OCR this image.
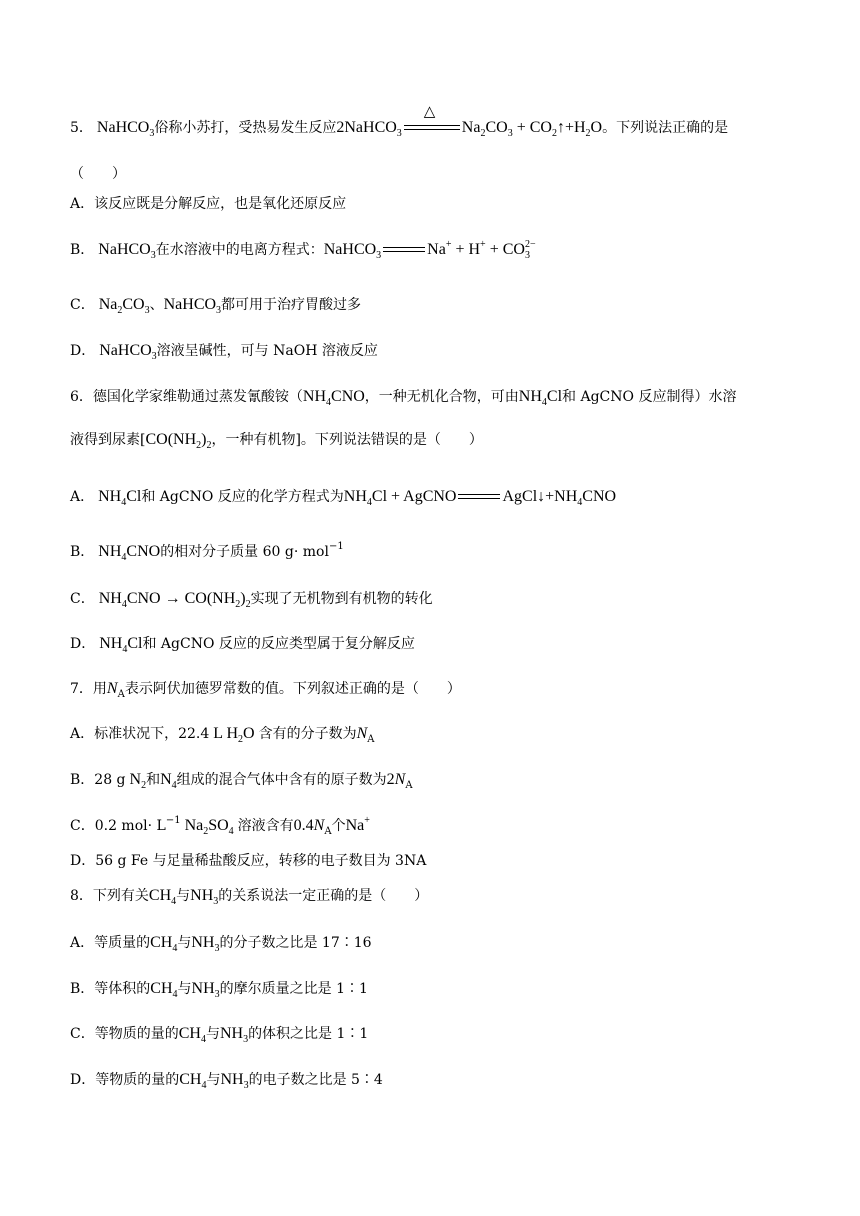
5． NaHCO$_3$俗称小苏打，受热易发生反应2NaHCO$_3$
△
$Na_2CO_3$ + $CO_2↑+H_2O$。下列说法正确的是
（　　）
A．该反应既是分解反应，也是氧化还原反应
B． NaHCO$_3$在水溶液中的电离方程式：NaHCO$_3$	$Na^+ + H^+ + CO_3^{2-}$
C． $Na_2CO_3$、NaHCO$_3$都可用于治疗胃酸过多
D． NaHCO$_3$溶液呈碱性，可与 NaOH 溶液反应
6．德国化学家维勒通过蒸发氰酸铵（$NH_4CNO$，一种无机化合物，可由$NH_4Cl$和 AgCNO 反应制得）水溶
液得到尿素[$CO(NH_2)_2$，一种有机物]。下列说法错误的是（　　）
A． $NH_4Cl$和 AgCNO 反应的化学方程式为$NH_4Cl$ + AgCNO	$AgCl↓+NH_4CNO$
B． $NH_4CNO$的相对分子质量 60 g· mol$^{-1}$
C． $NH_4CNO \to CO(NH_2)_2$实现了无机物到有机物的转化
D． $NH_4Cl$和 AgCNO 反应的反应类型属于复分解反应
7．用$N_A$表示阿伏加德罗常数的值。下列叙述正确的是（　　）
A．标准状况下，22.4 L $H_2O$ 含有的分子数为$N_A$
B．28 g $N_2$和$N_4$组成的混合气体中含有的原子数为$2N_A$
C．0.2 $mol\cdot L^{-1}$ $Na_2SO_4$ 溶液含有$0.4N_A$个Na+
D．56 g Fe 与足量稀盐酸反应，转移的电子数目为 3NA
8．下列有关$CH_4$与$NH_3$的关系说法一定正确的是（　　）
A．等质量的$CH_4$与$NH_3$的分子数之比是 17∶16
B．等体积的$CH_4$与$NH_3$的摩尔质量之比是 1∶1
C．等物质的量的$CH_4$与$NH_3$的体积之比是 1∶1
D．等物质的量的$CH_4$与$NH_3$的电子数之比是 5∶4
